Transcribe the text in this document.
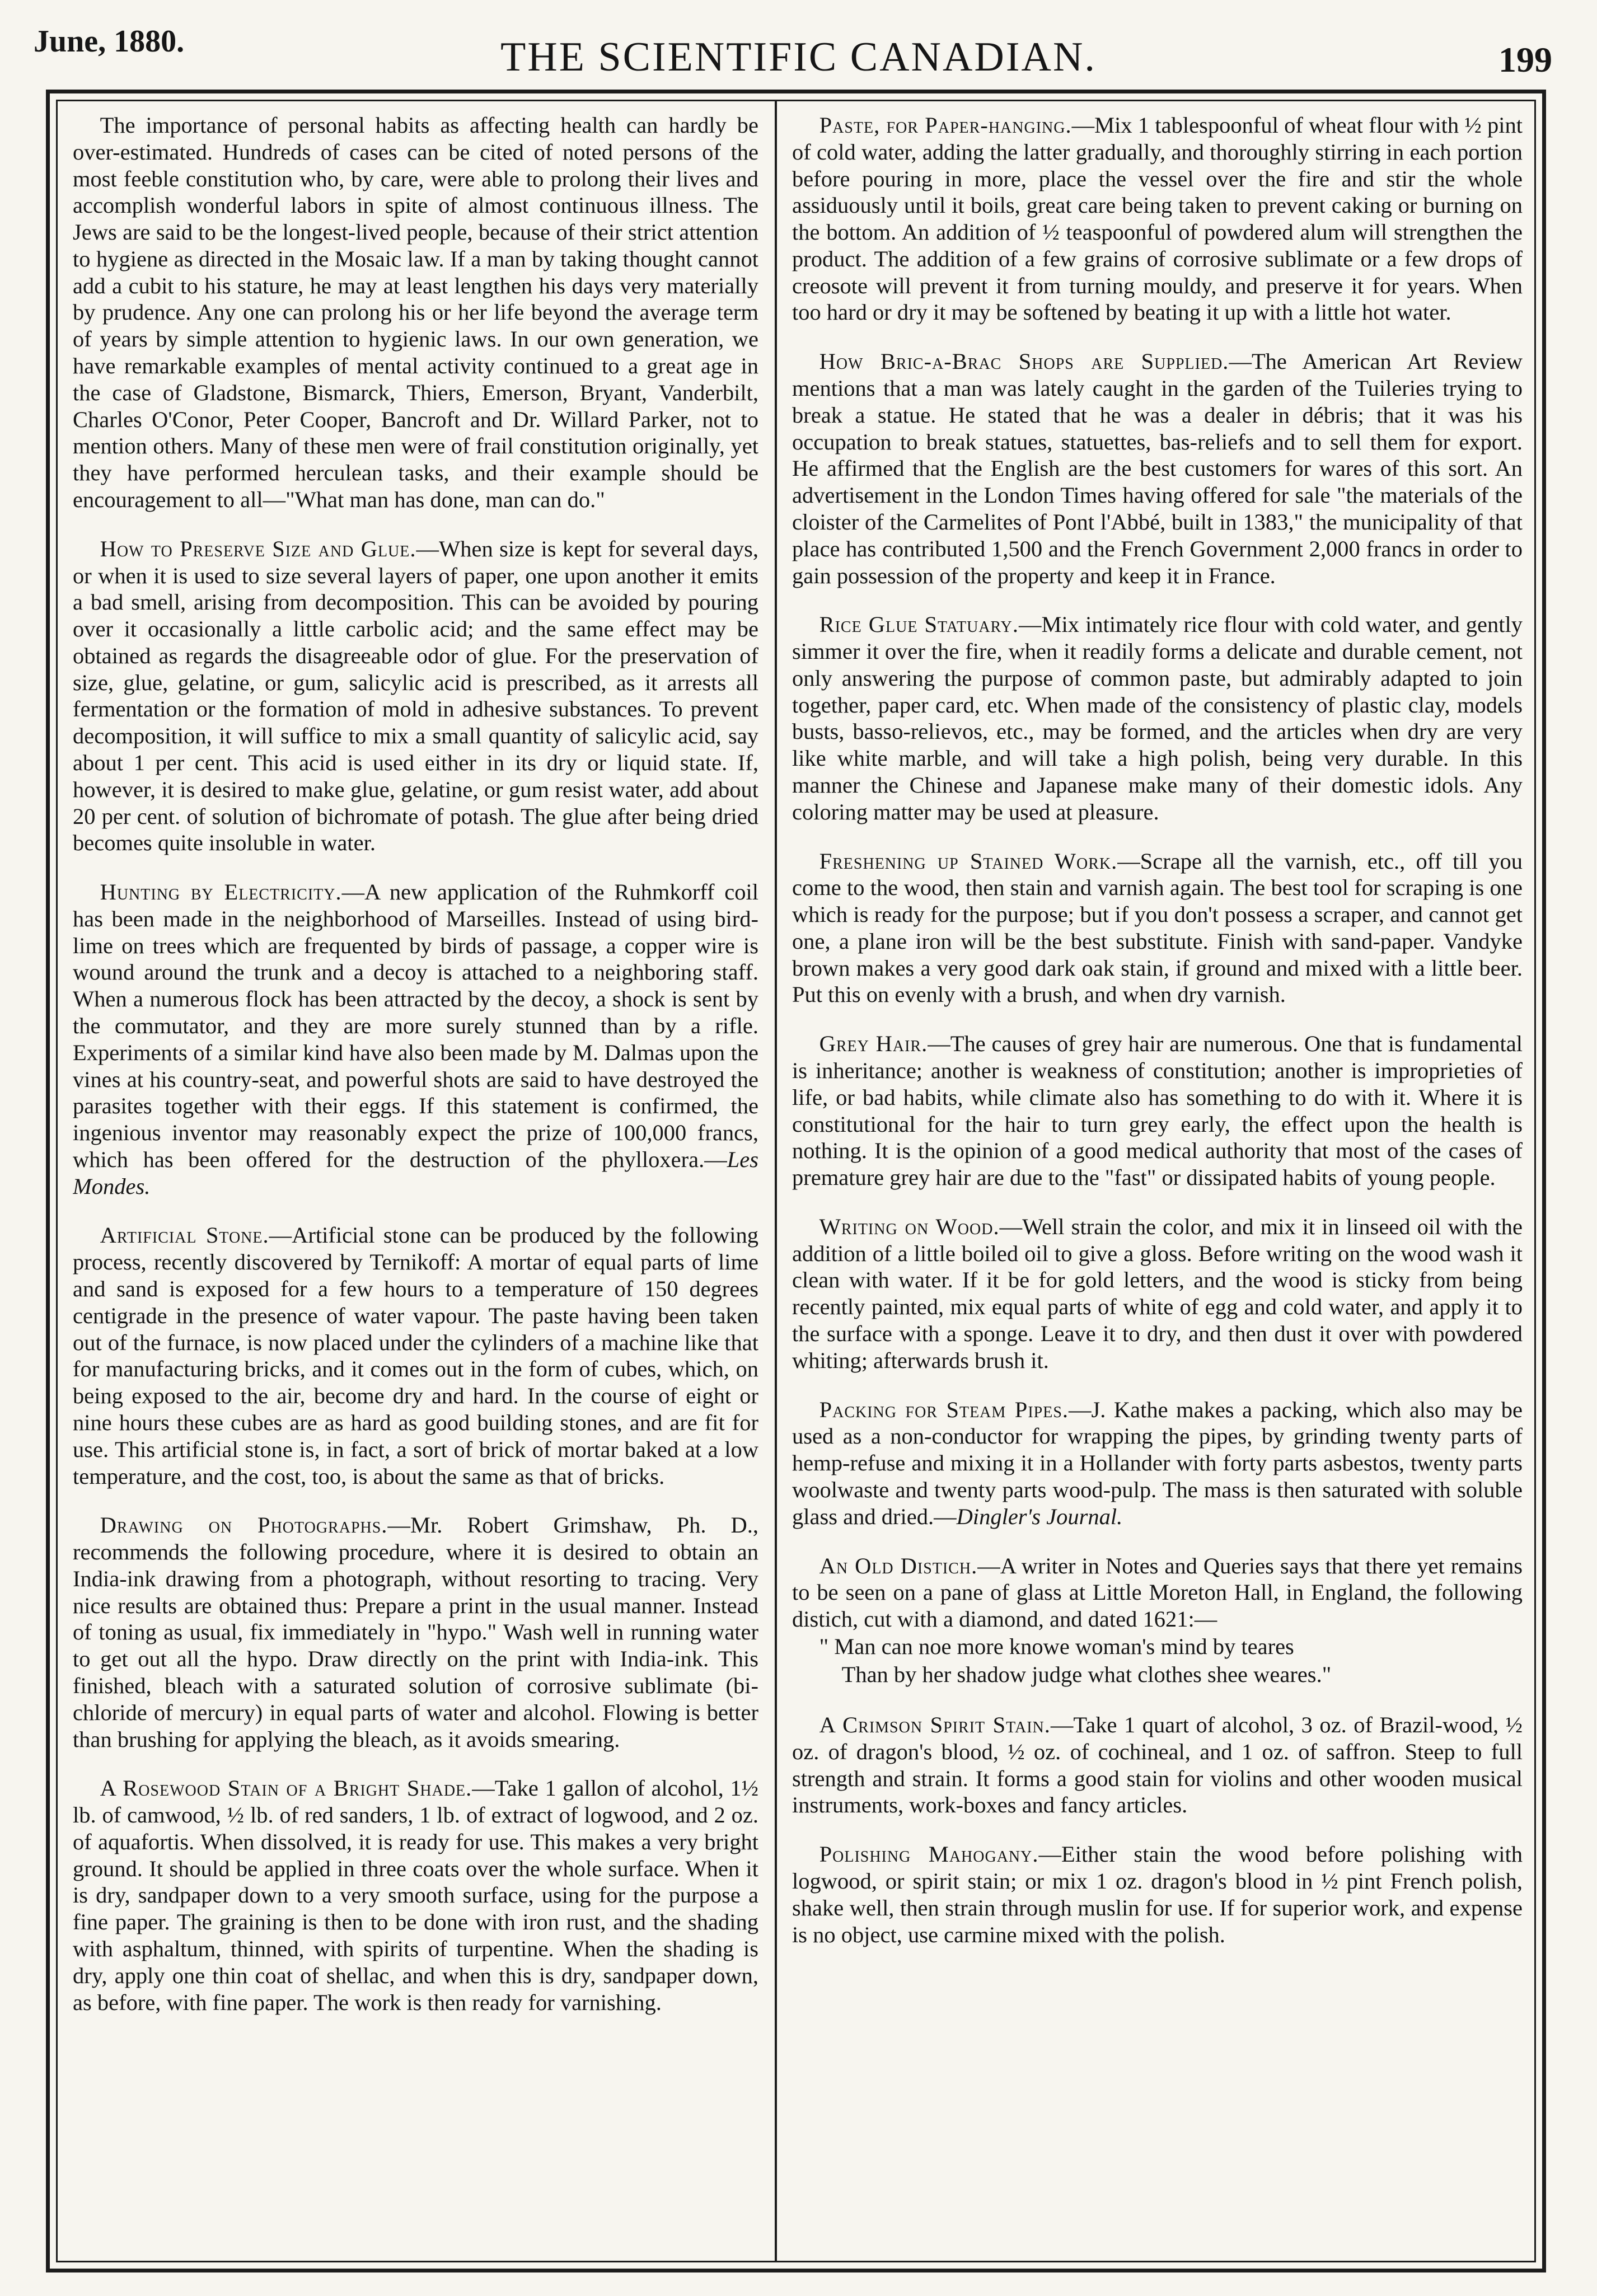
June, 1880.	THE SCIENTIFIC CANADIAN.	199

The importance of personal habits as affecting health can hardly be over-estimated. Hundreds of cases can be cited of noted persons of the most feeble constitution who, by care, were able to prolong their lives and accomplish wonderful labors in spite of almost continuous illness. The Jews are said to be the longest-lived people, because of their strict attention to hygiene as directed in the Mosaic law. If a man by taking thought cannot add a cubit to his stature, he may at least lengthen his days very materially by prudence. Any one can prolong his or her life beyond the average term of years by simple attention to hygienic laws. In our own generation, we have remarkable examples of mental activity continued to a great age in the case of Gladstone, Bismarck, Thiers, Emerson, Bryant, Vanderbilt, Charles O'Conor, Peter Cooper, Bancroft and Dr. Willard Parker, not to mention others. Many of these men were of frail constitution originally, yet they have performed herculean tasks, and their example should be encouragement to all—"What man has done, man can do."

How to Preserve Size and Glue.—When size is kept for several days, or when it is used to size several layers of paper, one upon another it emits a bad smell, arising from decomposition. This can be avoided by pouring over it occasionally a little carbolic acid; and the same effect may be obtained as regards the disagreeable odor of glue. For the preservation of size, glue, gelatine, or gum, salicylic acid is prescribed, as it arrests all fermentation or the formation of mold in adhesive substances. To prevent decomposition, it will suffice to mix a small quantity of salicylic acid, say about 1 per cent. This acid is used either in its dry or liquid state. If, however, it is desired to make glue, gelatine, or gum resist water, add about 20 per cent. of solution of bichromate of potash. The glue after being dried becomes quite insoluble in water.

Hunting by Electricity.—A new application of the Ruhmkorff coil has been made in the neighborhood of Marseilles. Instead of using bird-lime on trees which are frequented by birds of passage, a copper wire is wound around the trunk and a decoy is attached to a neighboring staff. When a numerous flock has been attracted by the decoy, a shock is sent by the commutator, and they are more surely stunned than by a rifle. Experiments of a similar kind have also been made by M. Dalmas upon the vines at his country-seat, and powerful shots are said to have destroyed the parasites together with their eggs. If this statement is confirmed, the ingenious inventor may reasonably expect the prize of 100,000 francs, which has been offered for the destruction of the phylloxera.—Les Mondes.

Artificial Stone.—Artificial stone can be produced by the following process, recently discovered by Ternikoff: A mortar of equal parts of lime and sand is exposed for a few hours to a temperature of 150 degrees centigrade in the presence of water vapour. The paste having been taken out of the furnace, is now placed under the cylinders of a machine like that for manufacturing bricks, and it comes out in the form of cubes, which, on being exposed to the air, become dry and hard. In the course of eight or nine hours these cubes are as hard as good building stones, and are fit for use. This artificial stone is, in fact, a sort of brick of mortar baked at a low temperature, and the cost, too, is about the same as that of bricks.

Drawing on Photographs.—Mr. Robert Grimshaw, Ph. D., recommends the following procedure, where it is desired to obtain an India-ink drawing from a photograph, without resorting to tracing. Very nice results are obtained thus: Prepare a print in the usual manner. Instead of toning as usual, fix immediately in "hypo." Wash well in running water to get out all the hypo. Draw directly on the print with India-ink. This finished, bleach with a saturated solution of corrosive sublimate (bi-chloride of mercury) in equal parts of water and alcohol. Flowing is better than brushing for applying the bleach, as it avoids smearing.

A Rosewood Stain of a Bright Shade.—Take 1 gallon of alcohol, 1½ lb. of camwood, ½ lb. of red sanders, 1 lb. of extract of logwood, and 2 oz. of aquafortis. When dissolved, it is ready for use. This makes a very bright ground. It should be applied in three coats over the whole surface. When it is dry, sandpaper down to a very smooth surface, using for the purpose a fine paper. The graining is then to be done with iron rust, and the shading with asphaltum, thinned, with spirits of turpentine. When the shading is dry, apply one thin coat of shellac, and when this is dry, sandpaper down, as before, with fine paper. The work is then ready for varnishing.

Paste, for Paper-hanging.—Mix 1 tablespoonful of wheat flour with ½ pint of cold water, adding the latter gradually, and thoroughly stirring in each portion before pouring in more, place the vessel over the fire and stir the whole assiduously until it boils, great care being taken to prevent caking or burning on the bottom. An addition of ½ teaspoonful of powdered alum will strengthen the product. The addition of a few grains of corrosive sublimate or a few drops of creosote will prevent it from turning mouldy, and preserve it for years. When too hard or dry it may be softened by beating it up with a little hot water.

How Bric-a-Brac Shops are Supplied.—The American Art Review mentions that a man was lately caught in the garden of the Tuileries trying to break a statue. He stated that he was a dealer in débris; that it was his occupation to break statues, statuettes, bas-reliefs and to sell them for export. He affirmed that the English are the best customers for wares of this sort. An advertisement in the London Times having offered for sale "the materials of the cloister of the Carmelites of Pont l'Abbé, built in 1383," the municipality of that place has contributed 1,500 and the French Government 2,000 francs in order to gain possession of the property and keep it in France.

Rice Glue Statuary.—Mix intimately rice flour with cold water, and gently simmer it over the fire, when it readily forms a delicate and durable cement, not only answering the purpose of common paste, but admirably adapted to join together, paper card, etc. When made of the consistency of plastic clay, models busts, basso-relievos, etc., may be formed, and the articles when dry are very like white marble, and will take a high polish, being very durable. In this manner the Chinese and Japanese make many of their domestic idols. Any coloring matter may be used at pleasure.

Freshening up Stained Work.—Scrape all the varnish, etc., off till you come to the wood, then stain and varnish again. The best tool for scraping is one which is ready for the purpose; but if you don't possess a scraper, and cannot get one, a plane iron will be the best substitute. Finish with sand-paper. Vandyke brown makes a very good dark oak stain, if ground and mixed with a little beer. Put this on evenly with a brush, and when dry varnish.

Grey Hair.—The causes of grey hair are numerous. One that is fundamental is inheritance; another is weakness of constitution; another is improprieties of life, or bad habits, while climate also has something to do with it. Where it is constitutional for the hair to turn grey early, the effect upon the health is nothing. It is the opinion of a good medical authority that most of the cases of premature grey hair are due to the "fast" or dissipated habits of young people.

Writing on Wood.—Well strain the color, and mix it in linseed oil with the addition of a little boiled oil to give a gloss. Before writing on the wood wash it clean with water. If it be for gold letters, and the wood is sticky from being recently painted, mix equal parts of white of egg and cold water, and apply it to the surface with a sponge. Leave it to dry, and then dust it over with powdered whiting; afterwards brush it.

Packing for Steam Pipes.—J. Kathe makes a packing, which also may be used as a non-conductor for wrapping the pipes, by grinding twenty parts of hemp-refuse and mixing it in a Hollander with forty parts asbestos, twenty parts woolwaste and twenty parts wood-pulp. The mass is then saturated with soluble glass and dried.—Dingler's Journal.

An Old Distich.—A writer in Notes and Queries says that there yet remains to be seen on a pane of glass at Little Moreton Hall, in England, the following distich, cut with a diamond, and dated 1621:—

" Man can noe more knowe woman's mind by teares
Than by her shadow judge what clothes shee weares."

A Crimson Spirit Stain.—Take 1 quart of alcohol, 3 oz. of Brazil-wood, ½ oz. of dragon's blood, ½ oz. of cochineal, and 1 oz. of saffron. Steep to full strength and strain. It forms a good stain for violins and other wooden musical instruments, work-boxes and fancy articles.

Polishing Mahogany.—Either stain the wood before polishing with logwood, or spirit stain; or mix 1 oz. dragon's blood in ½ pint French polish, shake well, then strain through muslin for use. If for superior work, and expense is no object, use carmine mixed with the polish.
